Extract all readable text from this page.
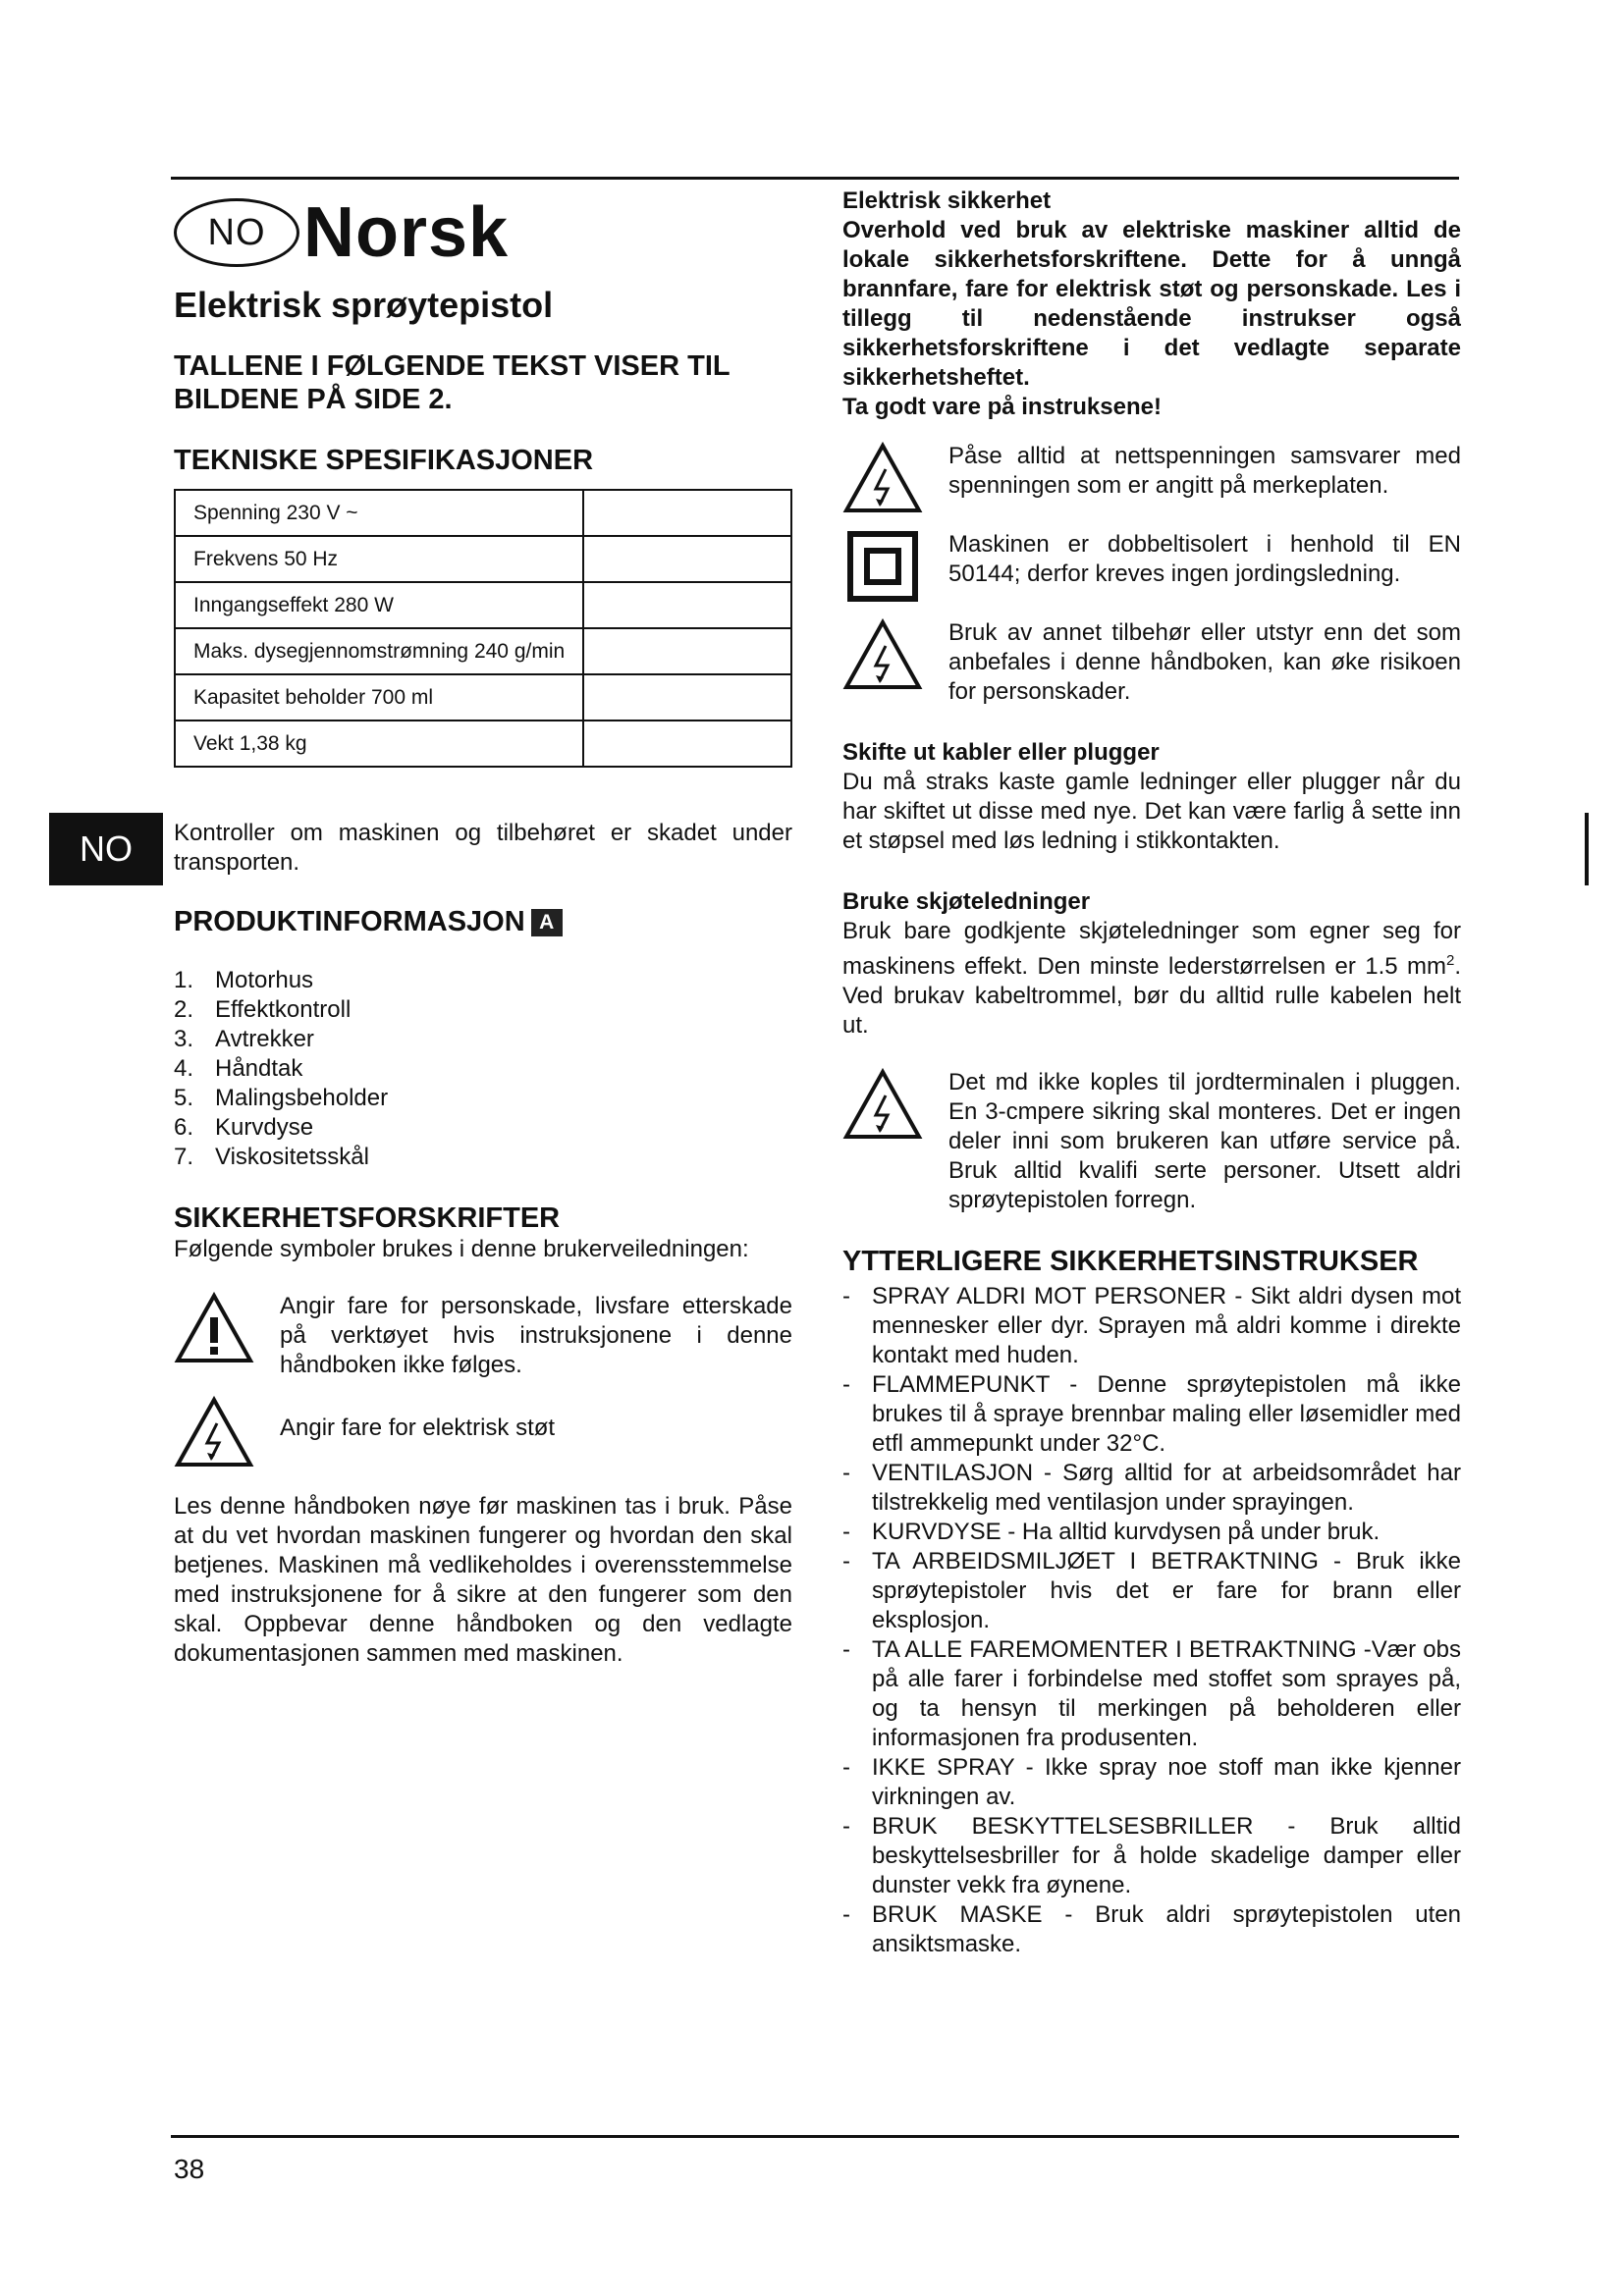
NO
NO Norsk
Elektrisk sprøytepistol
TALLENE I FØLGENDE TEKST VISER TIL BILDENE PÅ SIDE 2.
TEKNISKE SPESIFIKASJONER
Spenning 230 V ~	
Frekvens 50 Hz	
Inngangseffekt 280 W	
Maks. dysegjennomstrømning 240 g/min	
Kapasitet beholder 700 ml	
Vekt 1,38 kg	

Kontroller om maskinen og tilbehøret er skadet under transporten.

PRODUKTINFORMASJON A
1. Motorhus
2. Effektkontroll
3. Avtrekker
4. Håndtak
5. Malingsbeholder
6. Kurvdyse
7. Viskositetsskål
SIKKERHETSFORSKRIFTER

Følgende symboler brukes i denne brukerveiledningen:

Angir fare for personskade, livsfare etterskade på verktøyet hvis instruksjonene i denne håndboken ikke følges.
Angir fare for elektrisk støt

Les denne håndboken nøye før maskinen tas i bruk. Påse at du vet hvordan maskinen fungerer og hvordan den skal betjenes. Maskinen må vedlikeholdes i overensstemmelse med instruksjonene for å sikre at den fungerer som den skal. Oppbevar denne håndboken og den vedlagte dokumentasjonen sammen med maskinen.

Elektrisk sikkerhet

Overhold ved bruk av elektriske maskiner alltid de lokale sikkerhetsforskriftene. Dette for å unngå brannfare, fare for elektrisk støt og personskade. Les i tillegg til nedenstående instrukser også sikkerhetsforskriftene i det vedlagte separate sikkerhetsheftet.

Ta godt vare på instruksene!

Påse alltid at nettspenningen samsvarer med spenningen som er angitt på merkeplaten.
Maskinen er dobbeltisolert i henhold til EN 50144; derfor kreves ingen jordingsledning.
Bruk av annet tilbehør eller utstyr enn det som anbefales i denne håndboken, kan øke risikoen for personskader.

Skifte ut kabler eller plugger

Du må straks kaste gamle ledninger eller plugger når du har skiftet ut disse med nye. Det kan være farlig å sette inn et støpsel med løs ledning i stikkontakten.

Bruke skjøteledninger

Bruk bare godkjente skjøteledninger som egner seg for maskinens effekt. Den minste lederstørrelsen er 1.5 $mm^2$. Ved brukav kabeltrommel, bør du alltid rulle kabelen helt ut.

Det md ikke koples til jordterminalen i pluggen. En 3-cmpere sikring skal monteres. Det er ingen deler inni som brukeren kan utføre service på. Bruk alltid kvalifi serte personer. Utsett aldri sprøytepistolen forregn.
YTTERLIGERE SIKKERHETSINSTRUKSER
- SPRAY ALDRI MOT PERSONER - Sikt aldri dysen mot mennesker eller dyr. Sprayen må aldri komme i direkte kontakt med huden.
- FLAMMEPUNKT - Denne sprøytepistolen må ikke brukes til å spraye brennbar maling eller løsemidler med etfl ammepunkt under 32°C.
- VENTILASJON - Sørg alltid for at arbeidsområdet har tilstrekkelig med ventilasjon under sprayingen.
- KURVDYSE - Ha alltid kurvdysen på under bruk.
- TA ARBEIDSMILJØET I BETRAKTNING - Bruk ikke sprøytepistoler hvis det er fare for brann eller eksplosjon.
- TA ALLE FAREMOMENTER I BETRAKTNING -Vær obs på alle farer i forbindelse med stoffet som sprayes på, og ta hensyn til merkingen på beholderen eller informasjonen fra produsenten.
- IKKE SPRAY - Ikke spray noe stoff man ikke kjenner virkningen av.
- BRUK BESKYTTELSESBRILLER - Bruk alltid beskyttelsesbriller for å holde skadelige damper eller dunster vekk fra øynene.
- BRUK MASKE - Bruk aldri sprøytepistolen uten ansiktsmaske.
38
